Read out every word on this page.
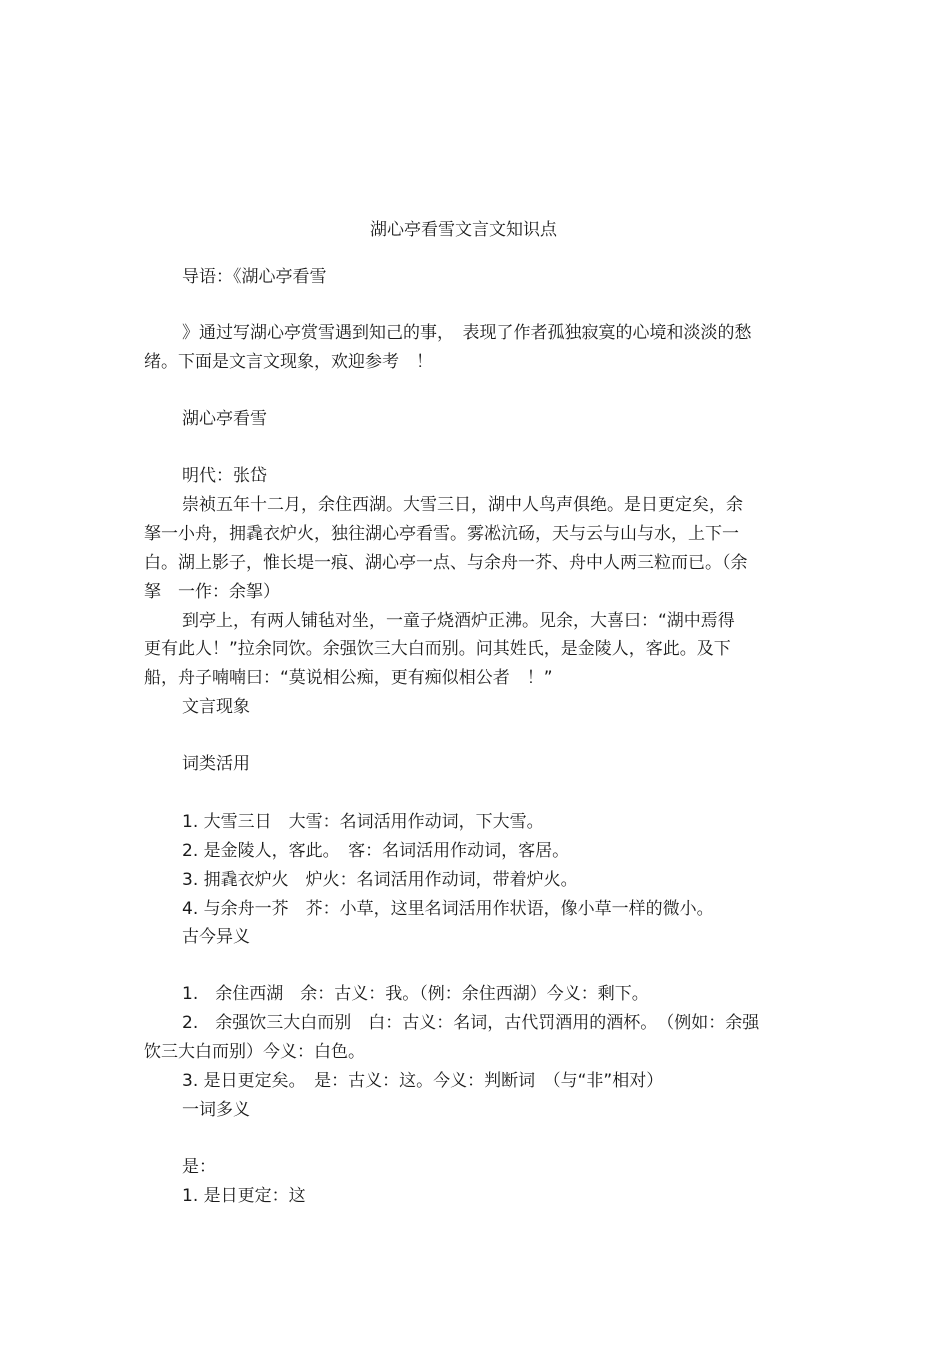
湖心亭看雪文言文知识点
导语：《湖心亭看雪
》通过写湖心亭赏雪遇到知己的事，　表现了作者孤独寂寞的心境和淡淡的愁
绪。下面是文言文现象，欢迎参考　！
湖心亭看雪
明代：张岱
崇祯五年十二月，余住西湖。大雪三日，湖中人鸟声俱绝。是日更定矣，余
拏一小舟，拥毳衣炉火，独往湖心亭看雪。雾凇沆砀，天与云与山与水，上下一
白。湖上影子，惟长堤一痕、湖心亭一点、与余舟一芥、舟中人两三粒而已。（余
拏　一作：余挐）
到亭上，有两人铺毡对坐，一童子烧酒炉正沸。见余，大喜曰：“湖中焉得
更有此人！”拉余同饮。余强饮三大白而别。问其姓氏，是金陵人，客此。及下
船，舟子喃喃曰：“莫说相公痴，更有痴似相公者　！”
文言现象
词类活用
1. 大雪三日　大雪：名词活用作动词，下大雪。
2. 是金陵人，客此。　客：名词活用作动词，客居。
3. 拥毳衣炉火　炉火：名词活用作动词，带着炉火。
4. 与余舟一芥　芥：小草，这里名词活用作状语，像小草一样的微小。
古今异义
1.　余住西湖　余：古义：我。（例：余住西湖）今义：剩下。
2.　余强饮三大白而别　白：古义：名词，古代罚酒用的酒杯。　（例如：余强
饮三大白而别）今义：白色。
3. 是日更定矣。　是：古义：这。今义：判断词　（与“非”相对）
一词多义
是：
1. 是日更定：这
